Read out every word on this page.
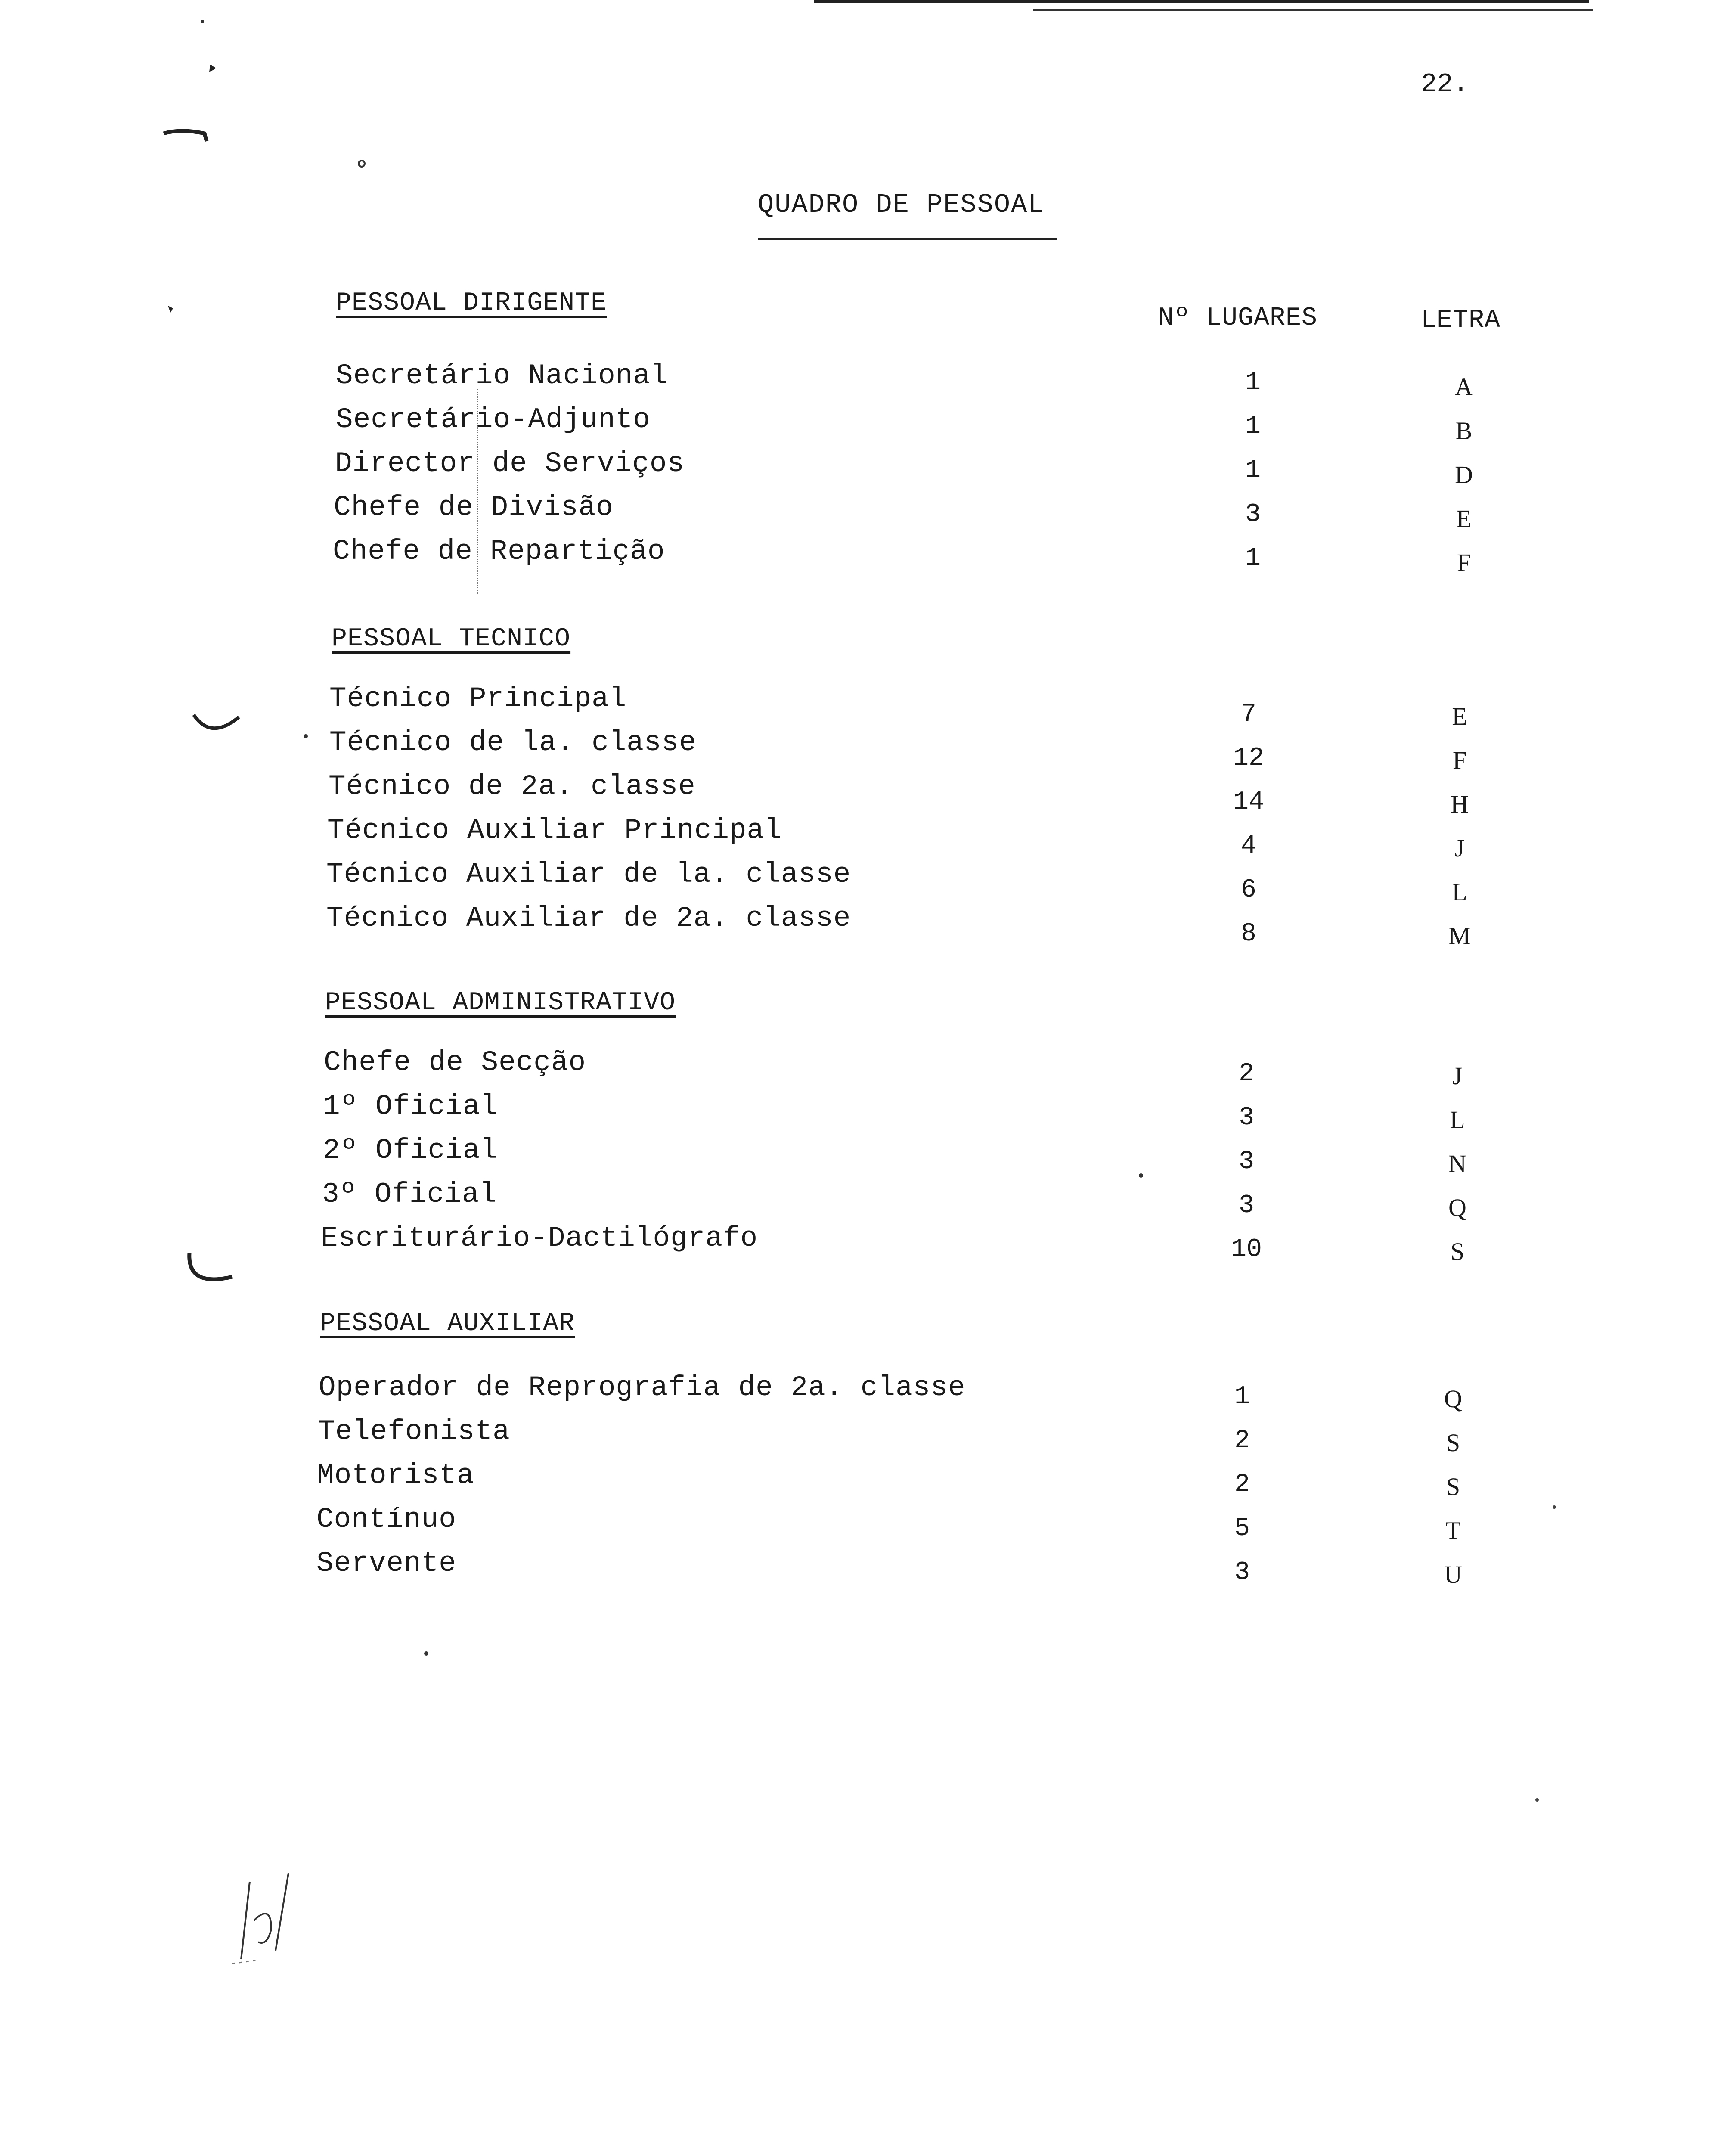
22.
QUADRO DE PESSOAL
Nº LUGARES	LETRA
PESSOAL DIRIGENTE
Secretário Nacional	1	A
Secretário-Adjunto	1	B
Director de Serviços	1	D
Chefe de Divisão	3	E
Chefe de Repartição	1	F
PESSOAL TECNICO
Técnico Principal	7	E
Técnico de la. classe	12	F
Técnico de 2a. classe	14	H
Técnico Auxiliar Principal	4	J
Técnico Auxiliar de la. classe	6	L
Técnico Auxiliar de 2a. classe	8	M
PESSOAL ADMINISTRATIVO
Chefe de Secção	2	J
1º Oficial	3	L
2º Oficial	3	N
3º Oficial	3	Q
Escriturário-Dactilógrafo	10	S
PESSOAL AUXILIAR
Operador de Reprografia de 2a. classe	1	Q
Telefonista	2	S
Motorista	2	S
Contínuo	5	T
Servente	3	U
